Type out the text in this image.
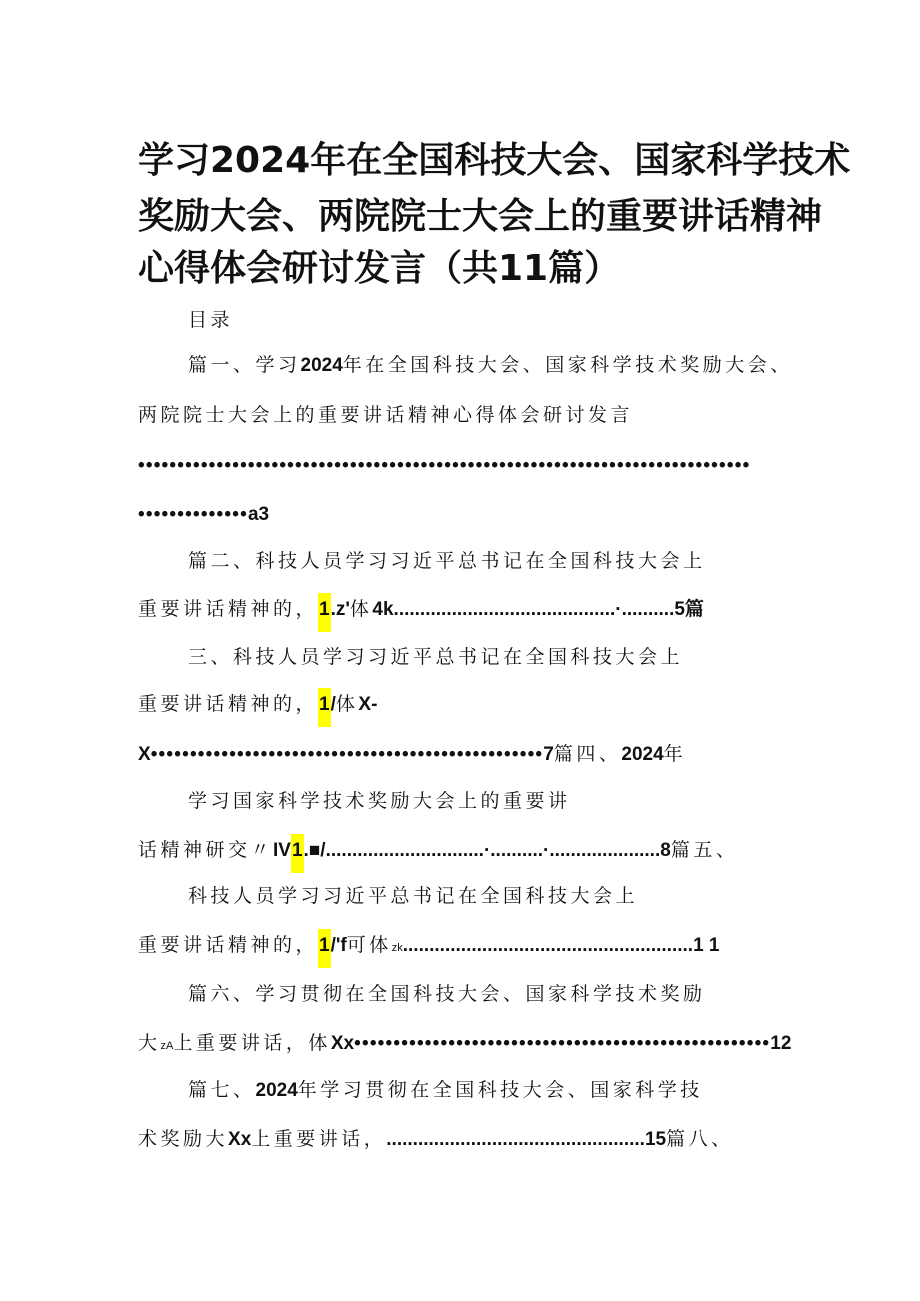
学习2024年在全国科技大会、国家科学技术
奖励大会、两院院士大会上的重要讲话精神
心得体会研讨发言（共11篇）
目录
篇一、学习2024年在全国科技大会、国家科学技术奖励大会、
两院院士大会上的重要讲话精神心得体会研讨发言
••••••••••••••••••••••••••••••••••••••••••••••••••••••••••••••••••••••••••••••
••••••••••••••a3
篇二、科技人员学习习近平总书记在全国科技大会上
重要讲话精神的，1.z'体4k..........................................·..........5篇
三、科技人员学习习近平总书记在全国科技大会上
重要讲话精神的，1/体X-
X••••••••••••••••••••••••••••••••••••••••••••••••••7篇四、2024年
学习国家科学技术奖励大会上的重要讲
话精神研交〃IV1.■/..............................·..........·.....................8篇五、
科技人员学习习近平总书记在全国科技大会上
重要讲话精神的，1/'f可体zk.......................................................1 1
篇六、学习贯彻在全国科技大会、国家科学技术奖励
大zA上重要讲话，体Xx•••••••••••••••••••••••••••••••••••••••••••••••••••••12
篇七、2024年学习贯彻在全国科技大会、国家科学技
术奖励大Xx上重要讲话，.................................................15篇八、
